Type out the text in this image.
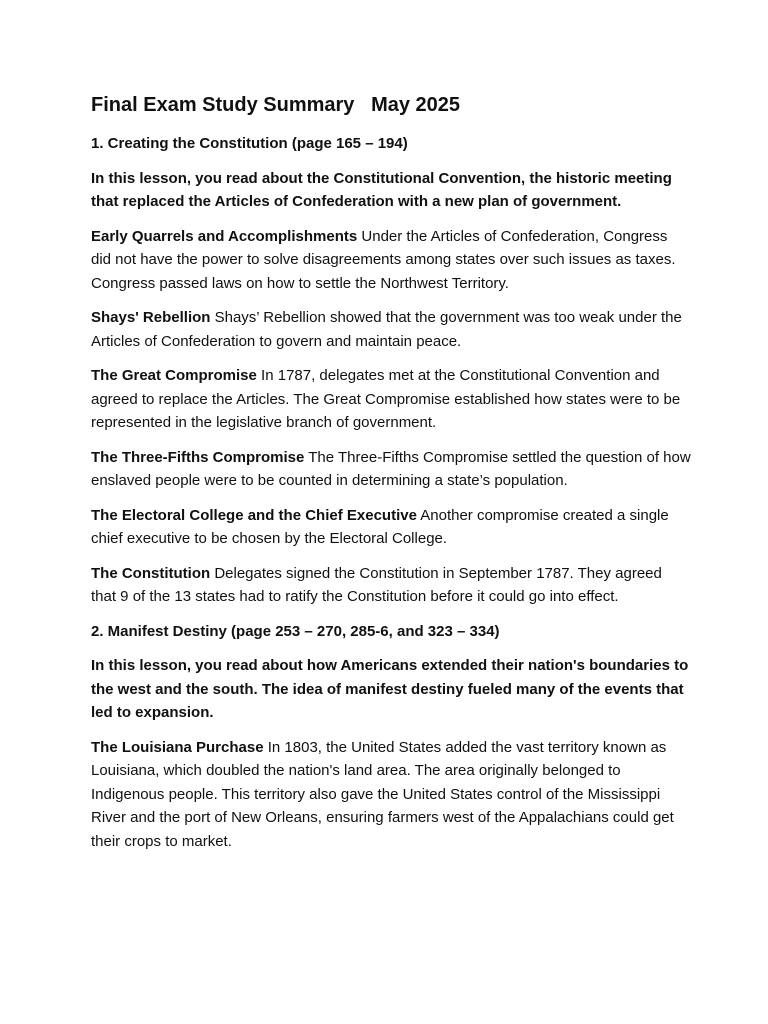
Final Exam Study Summary   May 2025

1. Creating the Constitution (page 165 – 194)

In this lesson, you read about the Constitutional Convention, the historic meeting that replaced the Articles of Confederation with a new plan of government.

Early Quarrels and Accomplishments Under the Articles of Confederation, Congress did not have the power to solve disagreements among states over such issues as taxes. Congress passed laws on how to settle the Northwest Territory.

Shays' Rebellion Shays’ Rebellion showed that the government was too weak under the Articles of Confederation to govern and maintain peace.

The Great Compromise In 1787, delegates met at the Constitutional Convention and agreed to replace the Articles. The Great Compromise established how states were to be represented in the legislative branch of government.

The Three-Fifths Compromise The Three-Fifths Compromise settled the question of how enslaved people were to be counted in determining a state’s population.

The Electoral College and the Chief Executive Another compromise created a single chief executive to be chosen by the Electoral College.

The Constitution Delegates signed the Constitution in September 1787. They agreed that 9 of the 13 states had to ratify the Constitution before it could go into effect.

2. Manifest Destiny (page 253 – 270, 285-6, and 323 – 334)

In this lesson, you read about how Americans extended their nation's boundaries to the west and the south. The idea of manifest destiny fueled many of the events that led to expansion.

The Louisiana Purchase In 1803, the United States added the vast territory known as Louisiana, which doubled the nation's land area. The area originally belonged to Indigenous people. This territory also gave the United States control of the Mississippi River and the port of New Orleans, ensuring farmers west of the Appalachians could get their crops to market.
